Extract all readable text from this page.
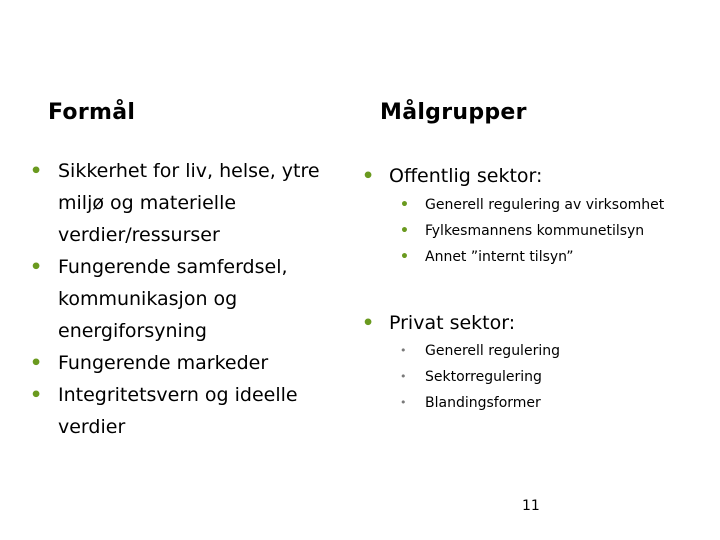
Formål	Målgrupper
• Sikkerhet for liv, helse, ytre miljø og materielle verdier/ressurser
• Fungerende samferdsel, kommunikasjon og energiforsyning
• Fungerende markeder
• Integritetsvern og ideelle verdier
• Offentlig sektor:
• Generell regulering av virksomhet
• Fylkesmannens kommunetilsyn
• Annet ”internt tilsyn”
• Privat sektor:
• Generell regulering
• Sektorregulering
• Blandingsformer
11
